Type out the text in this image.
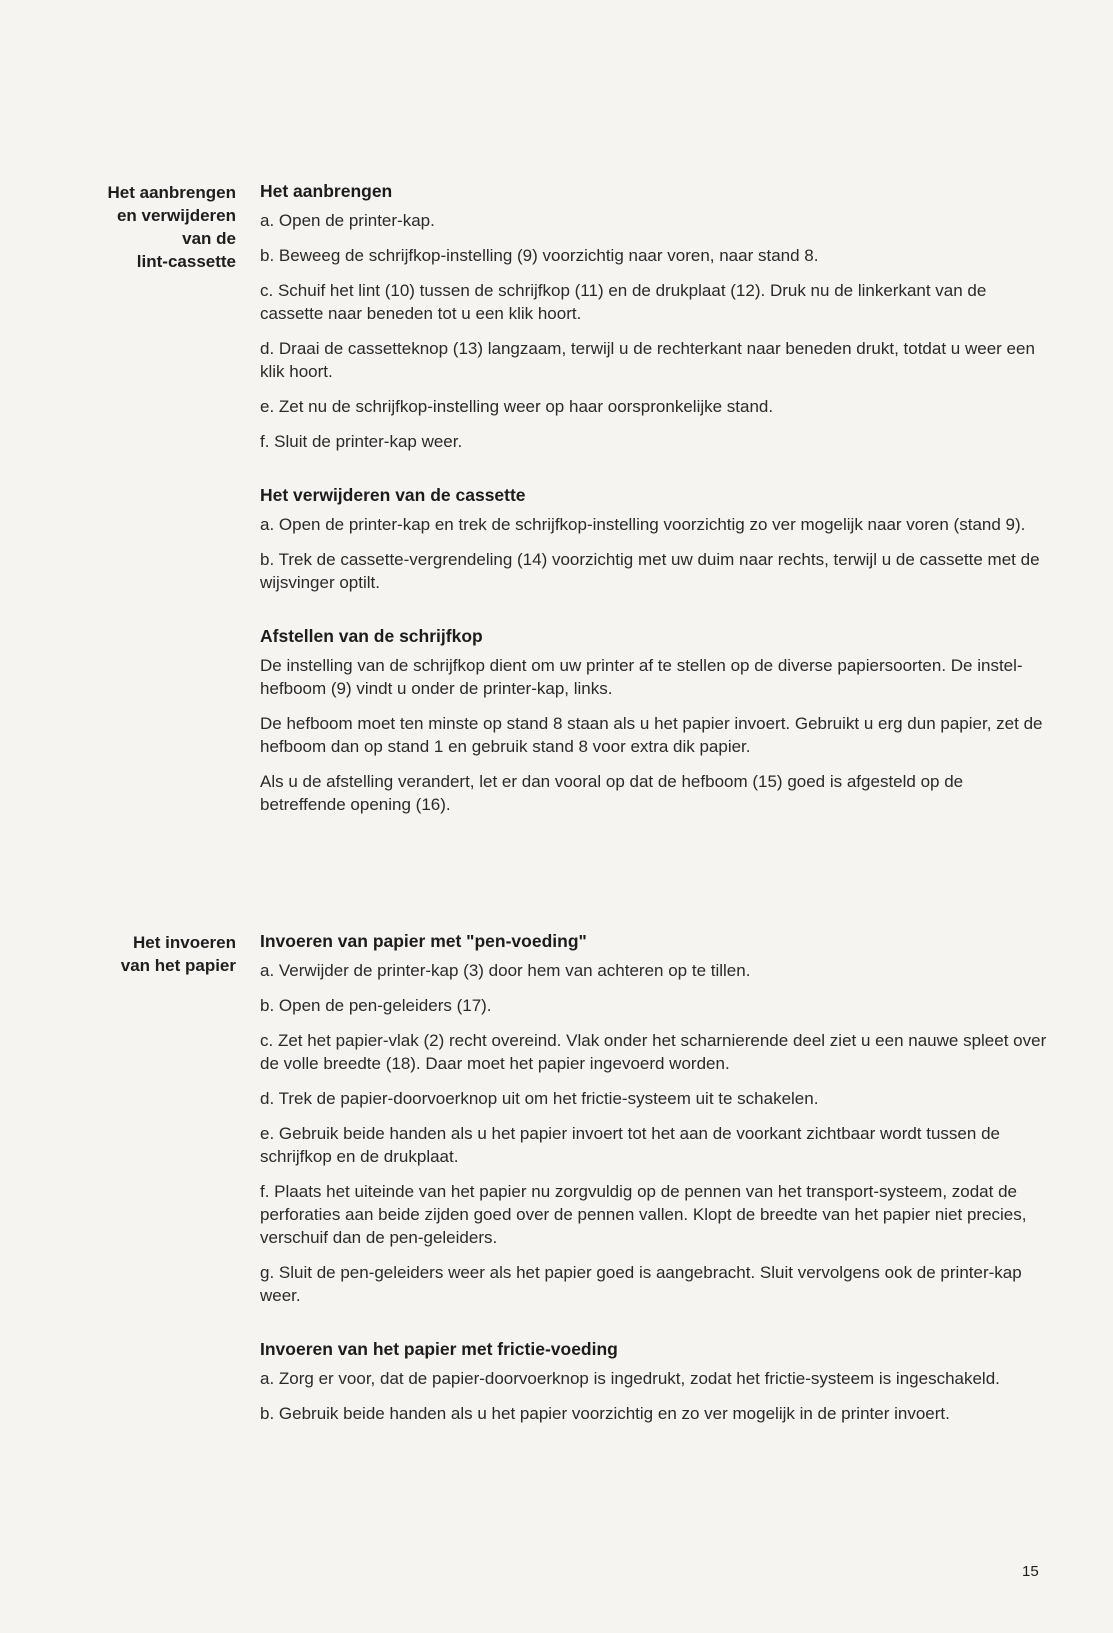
Het aanbrengen
en verwijderen
van de
lint-cassette
Het aanbrengen

a. Open de printer-kap.

b. Beweeg de schrijfkop-instelling (9) voorzichtig naar voren, naar stand 8.

c. Schuif het lint (10) tussen de schrijfkop (11) en de drukplaat (12). Druk nu de linkerkant van de cassette naar beneden tot u een klik hoort.

d. Draai de cassetteknop (13) langzaam, terwijl u de rechterkant naar beneden drukt, totdat u weer een klik hoort.

e. Zet nu de schrijfkop-instelling weer op haar oorspronkelijke stand.

f. Sluit de printer-kap weer.

Het verwijderen van de cassette

a. Open de printer-kap en trek de schrijfkop-instelling voorzichtig zo ver mogelijk naar voren (stand 9).

b. Trek de cassette-vergrendeling (14) voorzichtig met uw duim naar rechts, terwijl u de cassette met de wijsvinger optilt.

Afstellen van de schrijfkop

De instelling van de schrijfkop dient om uw printer af te stellen op de diverse papiersoorten. De instel-hefboom (9) vindt u onder de printer-kap, links.

De hefboom moet ten minste op stand 8 staan als u het papier invoert. Gebruikt u erg dun papier, zet de hefboom dan op stand 1 en gebruik stand 8 voor extra dik papier.

Als u de afstelling verandert, let er dan vooral op dat de hefboom (15) goed is afgesteld op de betreffende opening (16).

Het invoeren
van het papier
Invoeren van papier met "pen-voeding"

a. Verwijder de printer-kap (3) door hem van achteren op te tillen.

b. Open de pen-geleiders (17).

c. Zet het papier-vlak (2) recht overeind. Vlak onder het scharnierende deel ziet u een nauwe spleet over de volle breedte (18). Daar moet het papier ingevoerd worden.

d. Trek de papier-doorvoerknop uit om het frictie-systeem uit te schakelen.

e. Gebruik beide handen als u het papier invoert tot het aan de voorkant zichtbaar wordt tussen de schrijfkop en de drukplaat.

f. Plaats het uiteinde van het papier nu zorgvuldig op de pennen van het transport-systeem, zodat de perforaties aan beide zijden goed over de pennen vallen. Klopt de breedte van het papier niet precies, verschuif dan de pen-geleiders.

g. Sluit de pen-geleiders weer als het papier goed is aangebracht. Sluit vervolgens ook de printer-kap weer.

Invoeren van het papier met frictie-voeding

a. Zorg er voor, dat de papier-doorvoerknop is ingedrukt, zodat het frictie-systeem is ingeschakeld.

b. Gebruik beide handen als u het papier voorzichtig en zo ver mogelijk in de printer invoert.

15
